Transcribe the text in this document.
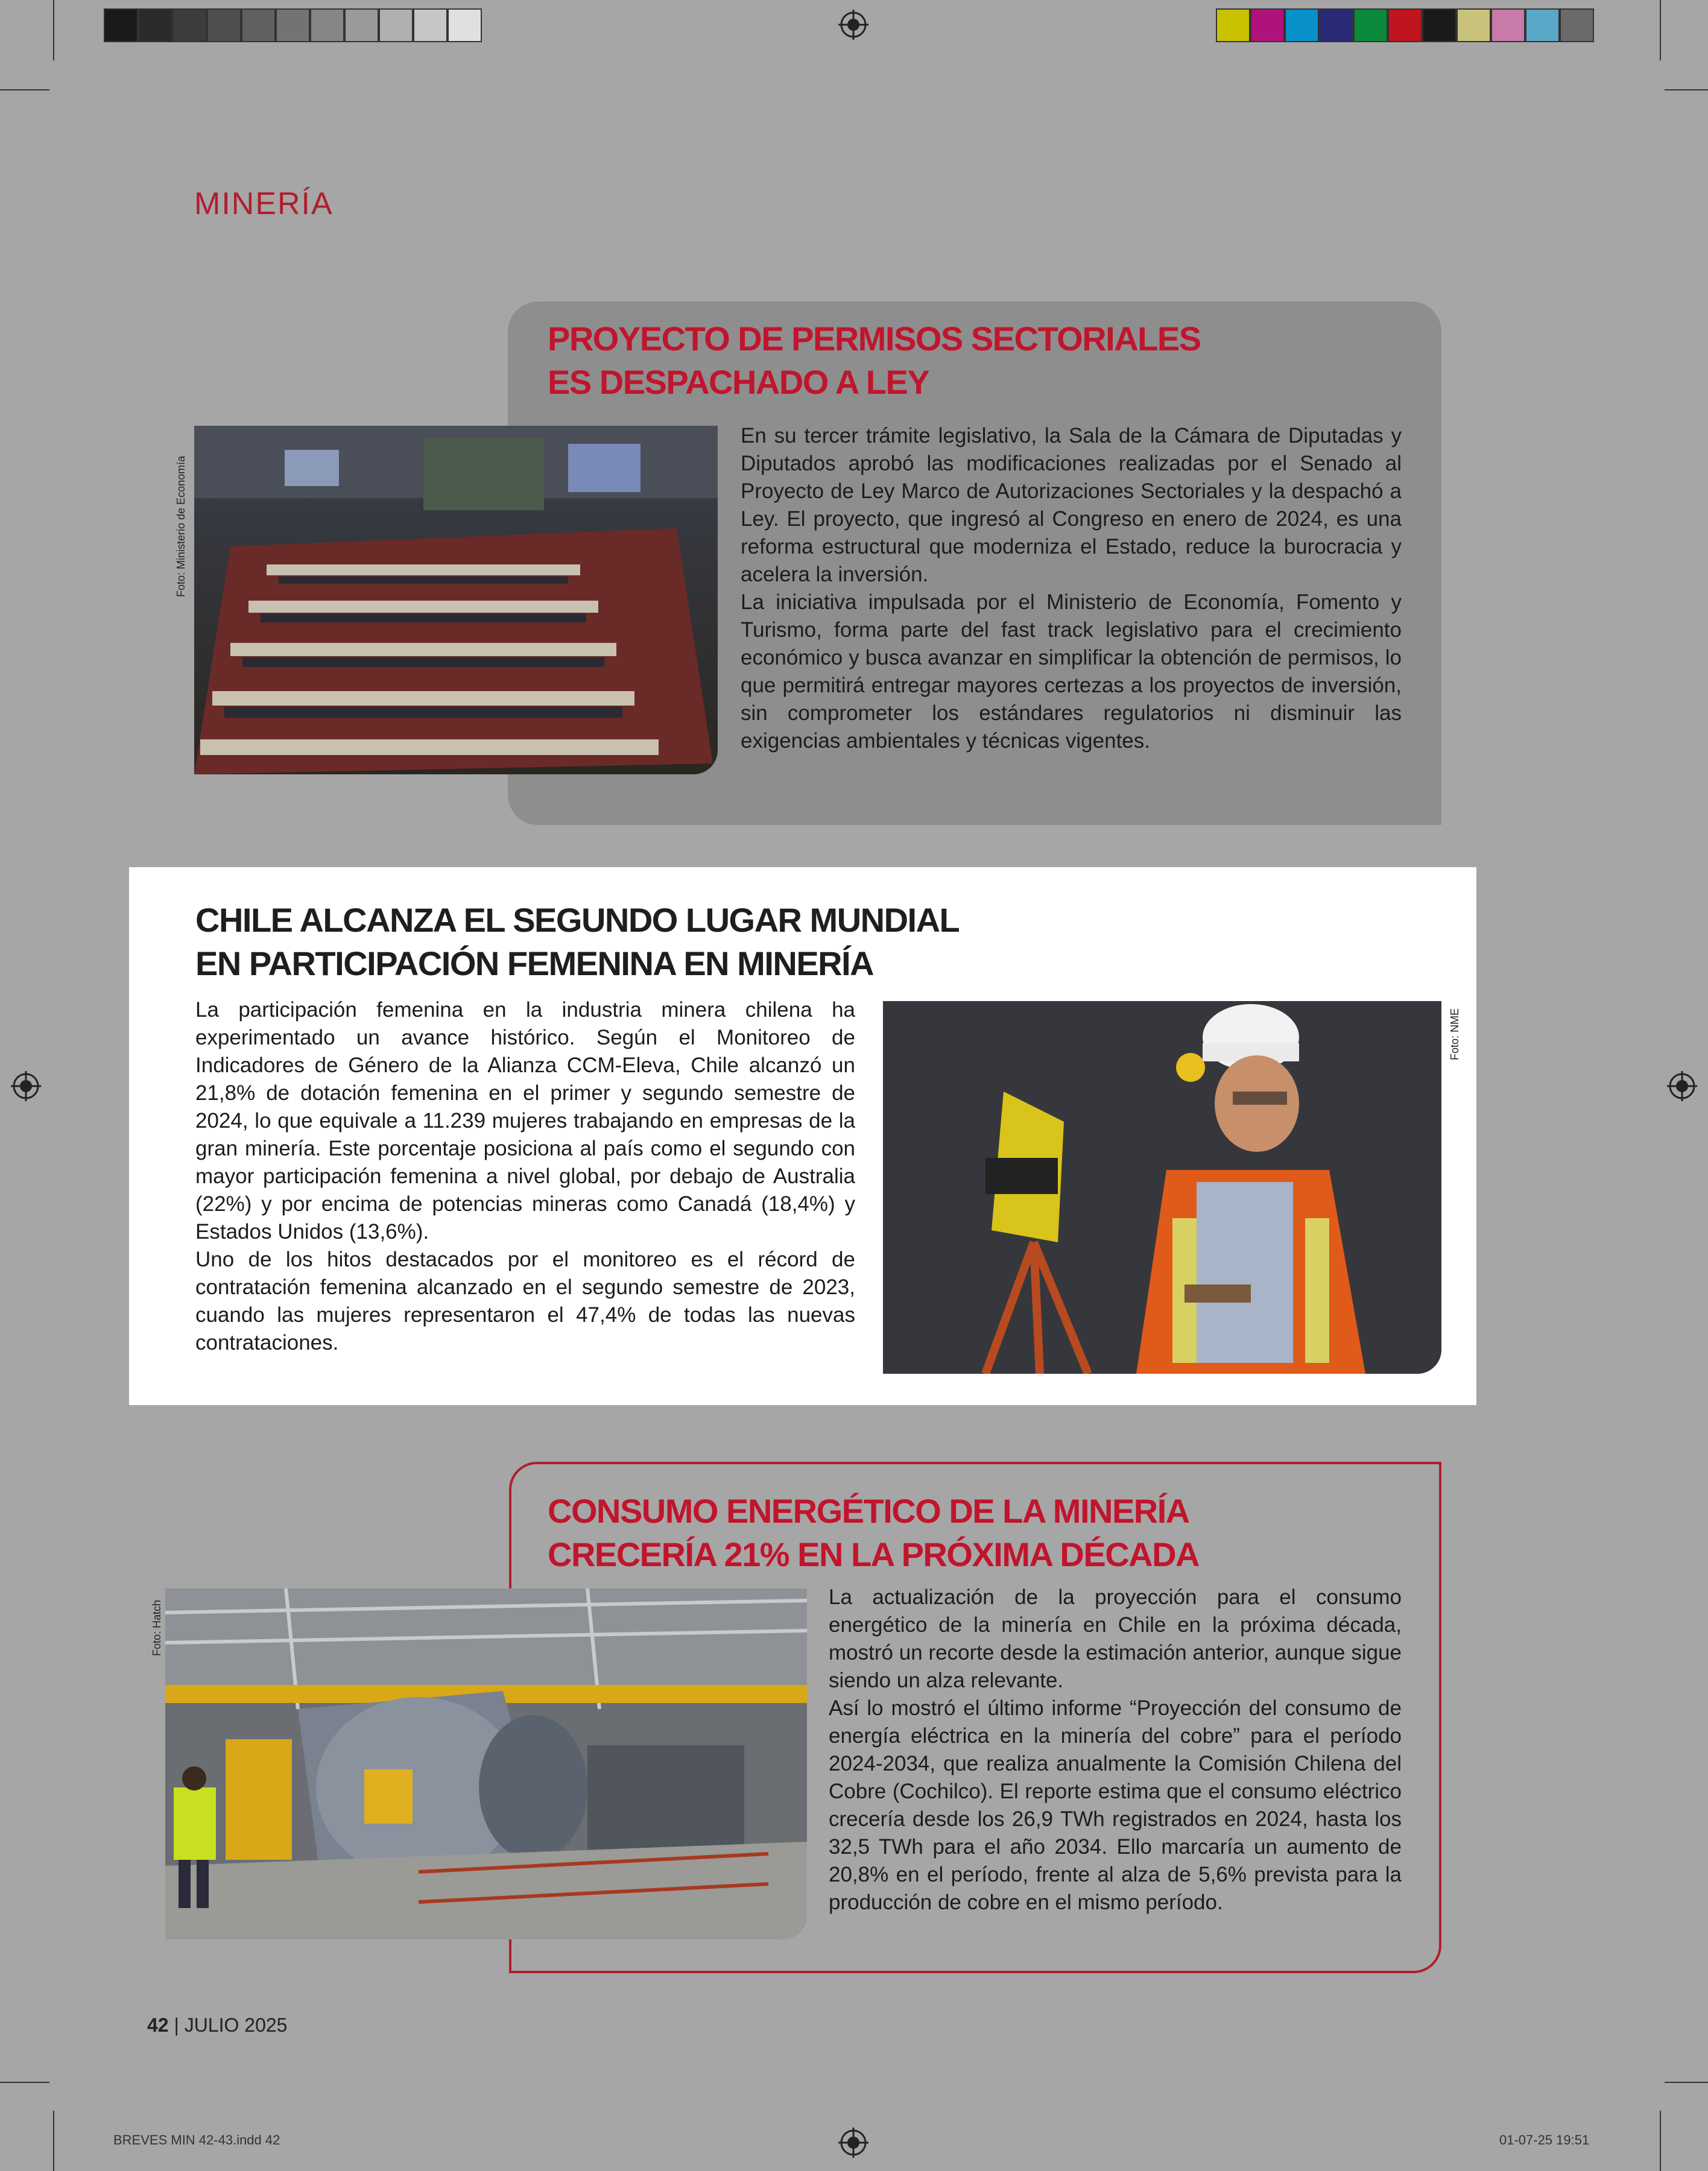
MINERÍA
PROYECTO DE PERMISOS SECTORIALES
ES DESPACHADO A LEY
Foto: Ministerio de Economía
En su tercer trámite legislativo, la Sala de la Cámara de Diputadas y Diputados aprobó las modificaciones realizadas por el Senado al Proyecto de Ley Marco de Autorizaciones Sectoriales y la despachó a Ley. El proyecto, que ingresó al Congreso en enero de 2024, es una reforma estructural que moderniza el Estado, reduce la burocracia y acelera la inversión.
La iniciativa impulsada por el Ministerio de Economía, Fomento y Turismo, forma parte del fast track legislativo para el crecimiento económico y busca avanzar en simplificar la obtención de permisos, lo que permitirá entregar mayores certezas a los proyectos de inversión, sin comprometer los estándares regulatorios ni disminuir las exigencias ambientales y técnicas vigentes.
CHILE ALCANZA EL SEGUNDO LUGAR MUNDIAL
EN PARTICIPACIÓN FEMENINA EN MINERÍA
La participación femenina en la industria minera chilena ha experimentado un avance histórico. Según el Monitoreo de Indicadores de Género de la Alianza CCM-Eleva, Chile alcanzó un 21,8% de dotación femenina en el primer y segundo semestre de 2024, lo que equivale a 11.239 mujeres trabajando en empresas de la gran minería. Este porcentaje posiciona al país como el segundo con mayor participación femenina a nivel global, por debajo de Australia (22%) y por encima de potencias mineras como Canadá (18,4%) y Estados Unidos (13,6%).
Uno de los hitos destacados por el monitoreo es el récord de contratación femenina alcanzado en el segundo semestre de 2023, cuando las mujeres representaron el 47,4% de todas las nuevas contrataciones.
Foto: NME
CONSUMO ENERGÉTICO DE LA MINERÍA
CRECERÍA 21% EN LA PRÓXIMA DÉCADA
Foto: Hatch
La actualización de la proyección para el consumo energético de la minería en Chile en la próxima década, mostró un recorte desde la estimación anterior, aunque sigue siendo un alza relevante.
Así lo mostró el último informe “Proyección del consumo de energía eléctrica en la minería del cobre” para el período 2024-2034, que realiza anualmente la Comisión Chilena del Cobre (Cochilco). El reporte estima que el consumo eléctrico crecería desde los 26,9 TWh registrados en 2024, hasta los 32,5 TWh para el año 2034. Ello marcaría un aumento de 20,8% en el período, frente al alza de 5,6% prevista para la producción de cobre en el mismo período.
42 | JULIO 2025
BREVES MIN 42-43.indd 42	01-07-25 19:51
